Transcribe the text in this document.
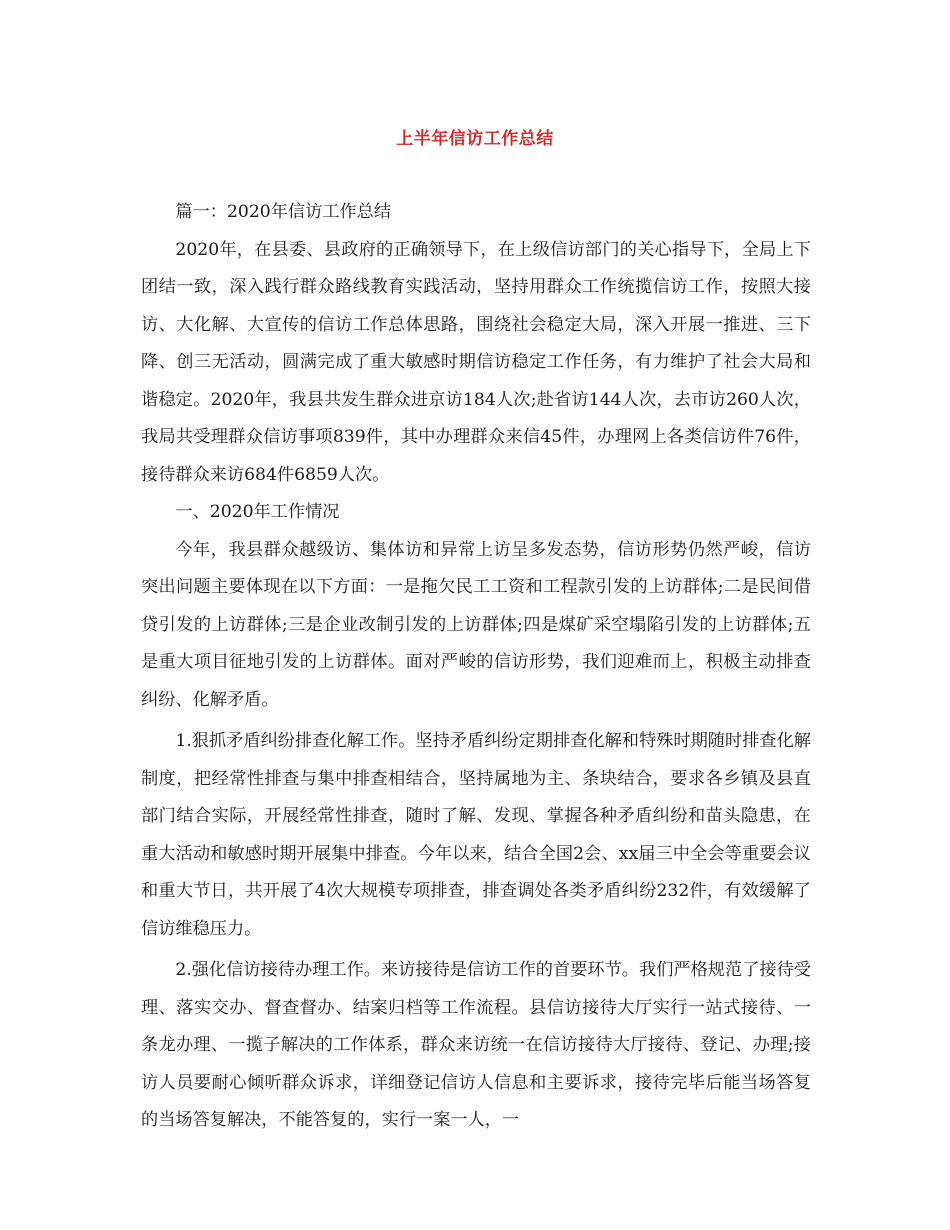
上半年信访工作总结

篇一：2020年信访工作总结

2020年，在县委、县政府的正确领导下，在上级信访部门的关心指导下，全局上下团结一致，深入践行群众路线教育实践活动，坚持用群众工作统揽信访工作，按照大接访、大化解、大宣传的信访工作总体思路，围绕社会稳定大局，深入开展一推进、三下降、创三无活动，圆满完成了重大敏感时期信访稳定工作任务，有力维护了社会大局和谐稳定。2020年，我县共发生群众进京访184人次;赴省访144人次，去市访260人次，我局共受理群众信访事项839件，其中办理群众来信45件，办理网上各类信访件76件，接待群众来访684件6859人次。

一、2020年工作情况

今年，我县群众越级访、集体访和异常上访呈多发态势，信访形势仍然严峻，信访突出问题主要体现在以下方面：一是拖欠民工工资和工程款引发的上访群体;二是民间借贷引发的上访群体;三是企业改制引发的上访群体;四是煤矿采空塌陷引发的上访群体;五是重大项目征地引发的上访群体。面对严峻的信访形势，我们迎难而上，积极主动排查纠纷、化解矛盾。

1.狠抓矛盾纠纷排查化解工作。坚持矛盾纠纷定期排查化解和特殊时期随时排查化解制度，把经常性排查与集中排查相结合，坚持属地为主、条块结合，要求各乡镇及县直部门结合实际，开展经常性排查，随时了解、发现、掌握各种矛盾纠纷和苗头隐患，在重大活动和敏感时期开展集中排查。今年以来，结合全国2会、xx届三中全会等重要会议和重大节日，共开展了4次大规模专项排查，排查调处各类矛盾纠纷232件，有效缓解了信访维稳压力。

2.强化信访接待办理工作。来访接待是信访工作的首要环节。我们严格规范了接待受理、落实交办、督查督办、结案归档等工作流程。县信访接待大厅实行一站式接待、一条龙办理、一揽子解决的工作体系，群众来访统一在信访接待大厅接待、登记、办理;接访人员要耐心倾听群众诉求，详细登记信访人信息和主要诉求，接待完毕后能当场答复的当场答复解决，不能答复的，实行一案一人，一
